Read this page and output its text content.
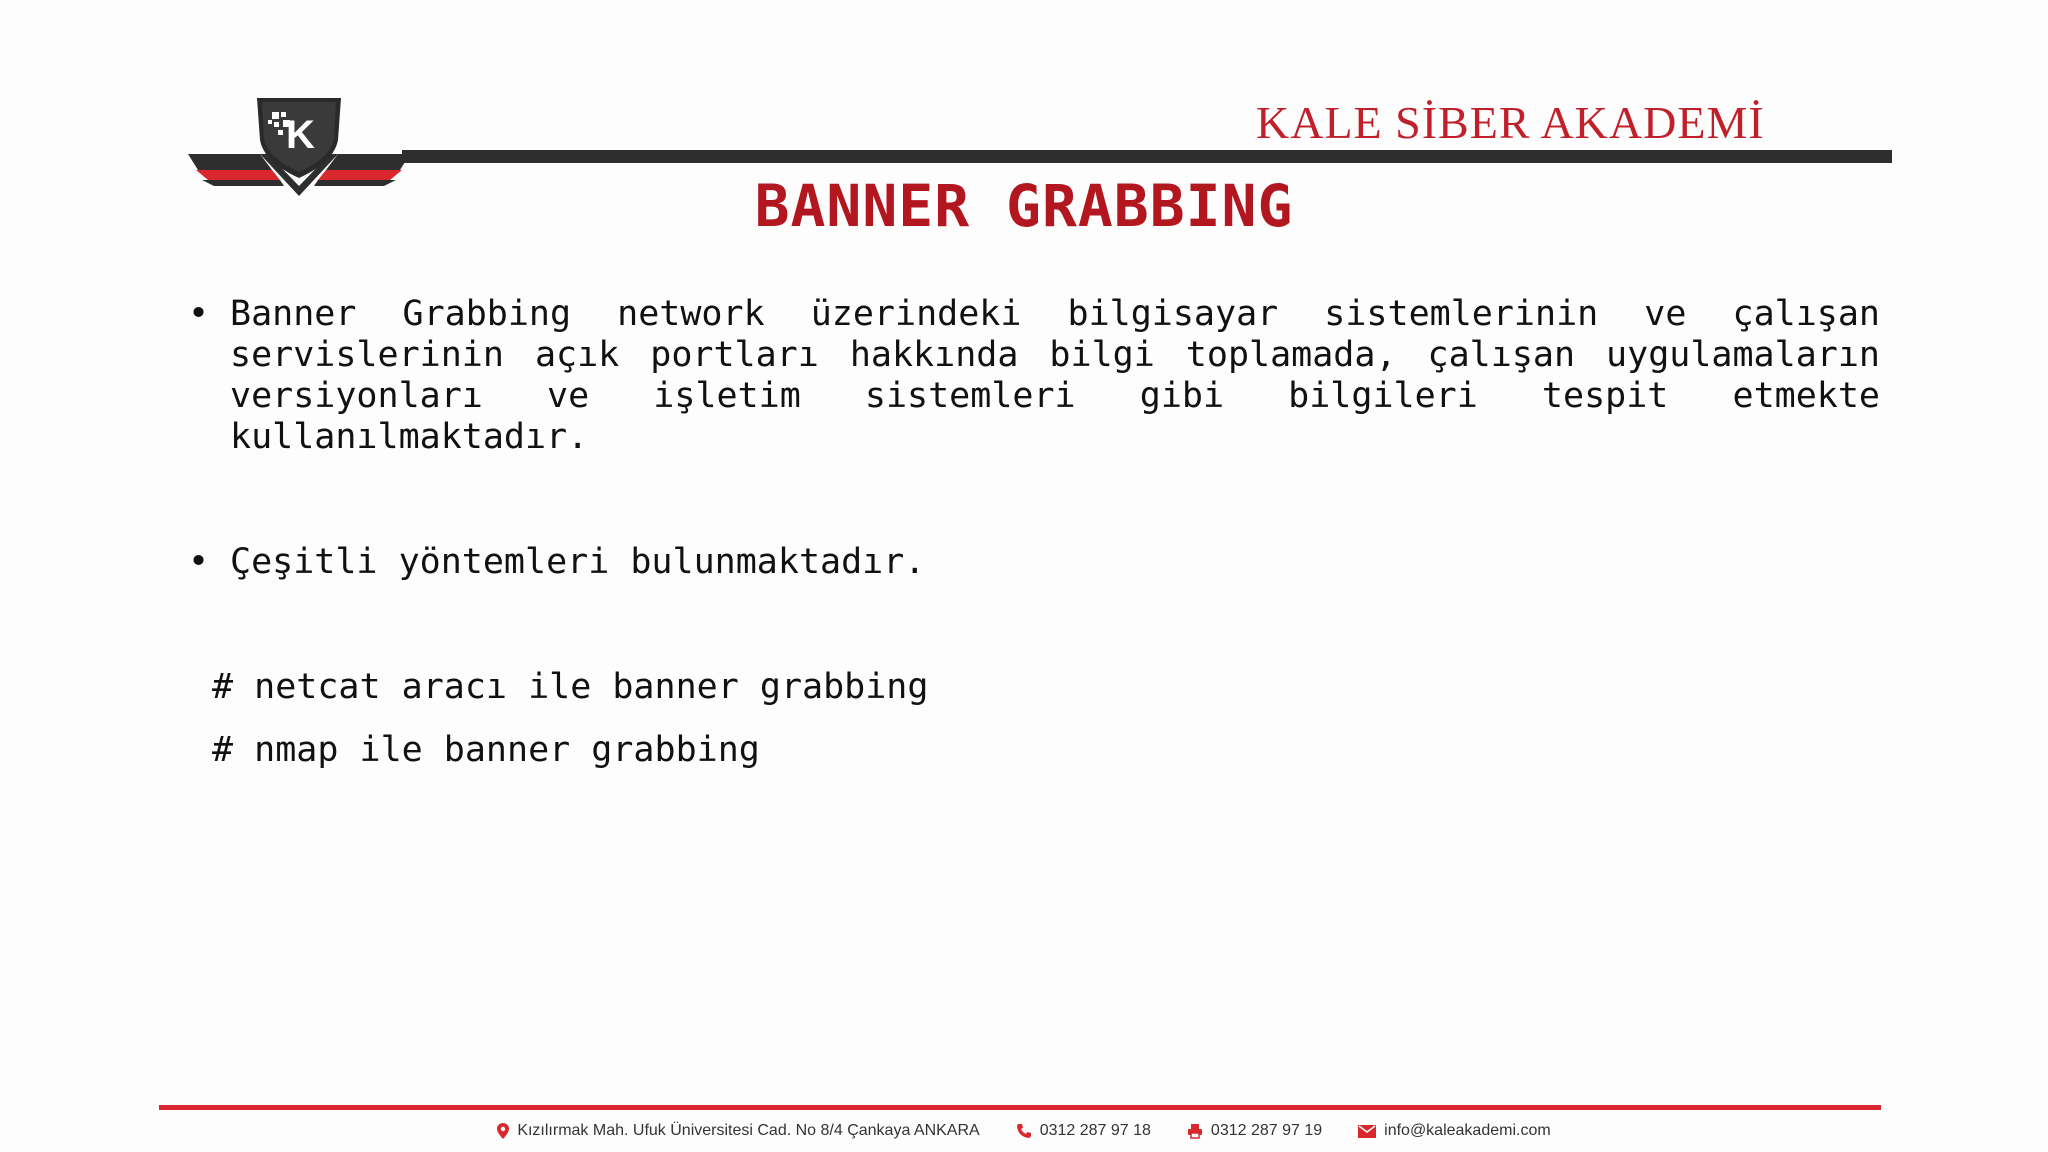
K	KALE SİBER AKADEMİ
BANNER GRABBING
• Banner Grabbing network üzerindeki bilgisayar sistemlerinin ve çalışan servislerinin açık portları hakkında bilgi toplamada, çalışan uygulamaların versiyonları ve işletim sistemleri gibi bilgileri tespit etmekte kullanılmaktadır.
• Çeşitli yöntemleri bulunmaktadır.
# netcat aracı ile banner grabbing
# nmap ile banner grabbing
Kızılırmak Mah. Ufuk Üniversitesi Cad. No 8/4 Çankaya ANKARA	0312 287 97 18	0312 287 97 19	info@kaleakademi.com
